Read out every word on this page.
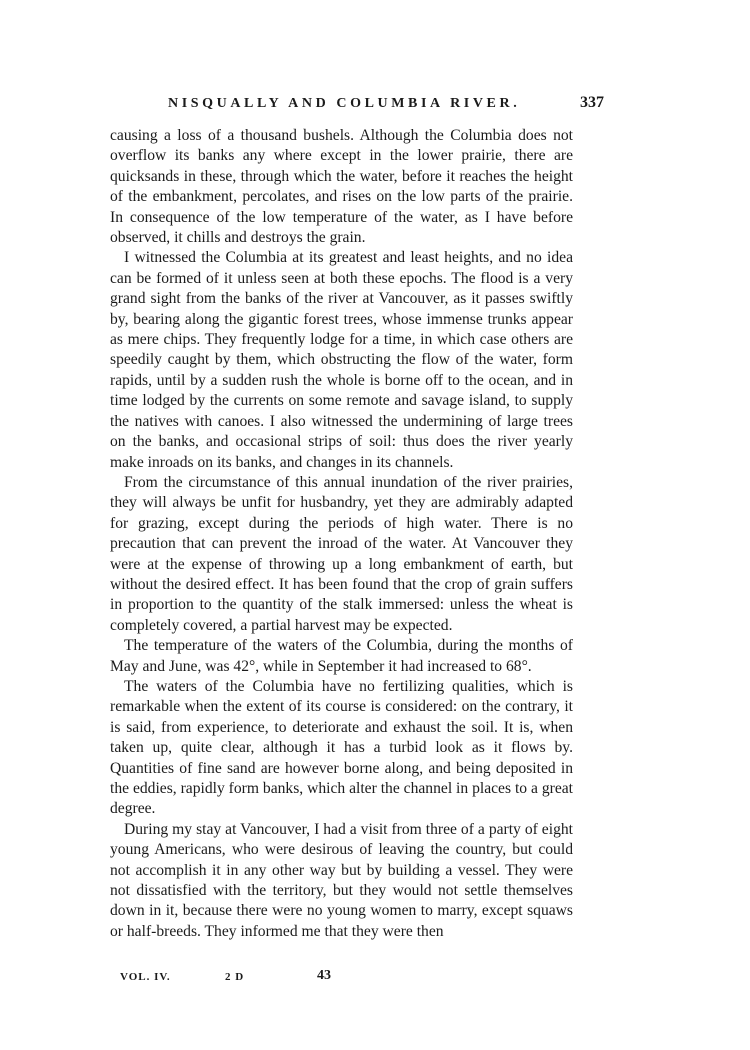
NISQUALLY AND COLUMBIA RIVER.	337

causing a loss of a thousand bushels. Although the Columbia does not overflow its banks any where except in the lower prairie, there are quicksands in these, through which the water, before it reaches the height of the embankment, percolates, and rises on the low parts of the prairie. In consequence of the low temperature of the water, as I have before observed, it chills and destroys the grain.

I witnessed the Columbia at its greatest and least heights, and no idea can be formed of it unless seen at both these epochs. The flood is a very grand sight from the banks of the river at Vancouver, as it passes swiftly by, bearing along the gigantic forest trees, whose immense trunks appear as mere chips. They frequently lodge for a time, in which case others are speedily caught by them, which obstructing the flow of the water, form rapids, until by a sudden rush the whole is borne off to the ocean, and in time lodged by the currents on some remote and savage island, to supply the natives with canoes. I also witnessed the undermining of large trees on the banks, and occasional strips of soil: thus does the river yearly make inroads on its banks, and changes in its channels.

From the circumstance of this annual inundation of the river prairies, they will always be unfit for husbandry, yet they are admirably adapted for grazing, except during the periods of high water. There is no precaution that can prevent the inroad of the water. At Vancouver they were at the expense of throwing up a long embankment of earth, but without the desired effect. It has been found that the crop of grain suffers in proportion to the quantity of the stalk immersed: unless the wheat is completely covered, a partial harvest may be expected.

The temperature of the waters of the Columbia, during the months of May and June, was 42°, while in September it had increased to 68°.

The waters of the Columbia have no fertilizing qualities, which is remarkable when the extent of its course is considered: on the contrary, it is said, from experience, to deteriorate and exhaust the soil. It is, when taken up, quite clear, although it has a turbid look as it flows by. Quantities of fine sand are however borne along, and being deposited in the eddies, rapidly form banks, which alter the channel in places to a great degree.

During my stay at Vancouver, I had a visit from three of a party of eight young Americans, who were desirous of leaving the country, but could not accomplish it in any other way but by building a vessel. They were not dissatisfied with the territory, but they would not settle themselves down in it, because there were no young women to marry, except squaws or half-breeds. They informed me that they were then

VOL. IV.	2 D	43
